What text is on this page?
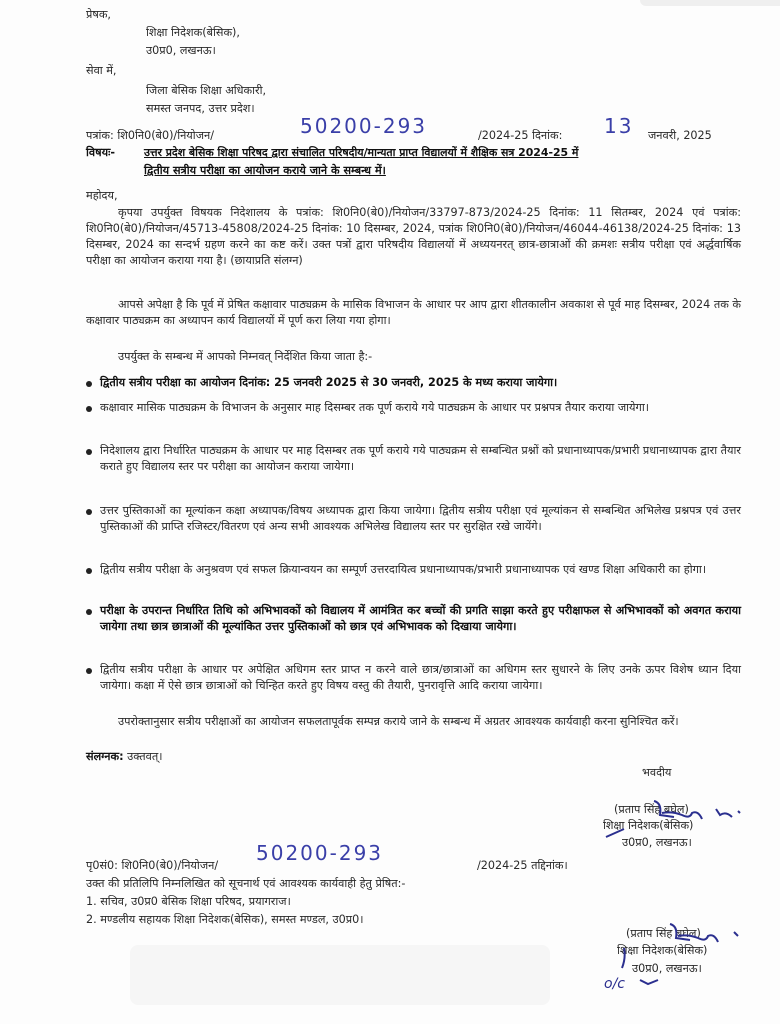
प्रेषक,
शिक्षा निदेशक(बेसिक),
उ0प्र0, लखनऊ।
सेवा में,
जिला बेसिक शिक्षा अधिकारी,
समस्त जनपद, उत्तर प्रदेश।
पत्रांक: शि0नि0(बे0)/नियोजन/	50200-293	/2024-25 दिनांक: 13 जनवरी, 2025
विषयः-	उत्तर प्रदेश बेसिक शिक्षा परिषद द्वारा संचालित परिषदीय/मान्यता प्राप्त विद्यालयों में शैक्षिक सत्र 2024-25 में
द्वितीय सत्रीय परीक्षा का आयोजन कराये जाने के सम्बन्ध में।
महोदय,
कृपया उपर्युक्त विषयक निदेशालय के पत्रांक: शि0नि0(बे0)/नियोजन/33797-873/2024-25 दिनांक: 11 सितम्बर, 2024 एवं पत्रांक: शि0नि0(बे0)/नियोजन/45713-45808/2024-25 दिनांक: 10 दिसम्बर, 2024, पत्रांक शि0नि0(बे0)/नियोजन/46044-46138/2024-25 दिनांक: 13 दिसम्बर, 2024 का सन्दर्भ ग्रहण करने का कष्ट करें। उक्त पत्रों द्वारा परिषदीय विद्यालयों में अध्ययनरत् छात्र-छात्राओं की क्रमशः सत्रीय परीक्षा एवं अर्द्धवार्षिक परीक्षा का आयोजन कराया गया है। (छायाप्रति संलग्न)
आपसे अपेक्षा है कि पूर्व में प्रेषित कक्षावार पाठ्यक्रम के मासिक विभाजन के आधार पर आप द्वारा शीतकालीन अवकाश से पूर्व माह दिसम्बर, 2024 तक के कक्षावार पाठ्यक्रम का अध्यापन कार्य विद्यालयों में पूर्ण करा लिया गया होगा।
उपर्युक्त के सम्बन्ध में आपको निम्नवत् निर्देशित किया जाता है:-
द्वितीय सत्रीय परीक्षा का आयोजन दिनांक: 25 जनवरी 2025 से 30 जनवरी, 2025 के मध्य कराया जायेगा।
कक्षावार मासिक पाठ्यक्रम के विभाजन के अनुसार माह दिसम्बर तक पूर्ण कराये गये पाठ्यक्रम के आधार पर प्रश्नपत्र तैयार कराया जायेगा।
निदेशालय द्वारा निर्धारित पाठ्यक्रम के आधार पर माह दिसम्बर तक पूर्ण कराये गये पाठ्यक्रम से सम्बन्धित प्रश्नों को प्रधानाध्यापक/प्रभारी प्रधानाध्यापक द्वारा तैयार कराते हुए विद्यालय स्तर पर परीक्षा का आयोजन कराया जायेगा।
उत्तर पुस्तिकाओं का मूल्यांकन कक्षा अध्यापक/विषय अध्यापक द्वारा किया जायेगा। द्वितीय सत्रीय परीक्षा एवं मूल्यांकन से सम्बन्धित अभिलेख प्रश्नपत्र एवं उत्तर पुस्तिकाओं की प्राप्ति रजिस्टर/वितरण एवं अन्य सभी आवश्यक अभिलेख विद्यालय स्तर पर सुरक्षित रखे जायेंगे।
द्वितीय सत्रीय परीक्षा के अनुश्रवण एवं सफल क्रियान्वयन का सम्पूर्ण उत्तरदायित्व प्रधानाध्यापक/प्रभारी प्रधानाध्यापक एवं खण्ड शिक्षा अधिकारी का होगा।
परीक्षा के उपरान्त निर्धारित तिथि को अभिभावकों को विद्यालय में आमंत्रित कर बच्चों की प्रगति साझा करते हुए परीक्षाफल से अभिभावकों को अवगत कराया जायेगा तथा छात्र छात्राओं की मूल्यांकित उत्तर पुस्तिकाओं को छात्र एवं अभिभावक को दिखाया जायेगा।
द्वितीय सत्रीय परीक्षा के आधार पर अपेक्षित अधिगम स्तर प्राप्त न करने वाले छात्र/छात्राओं का अधिगम स्तर सुधारने के लिए उनके ऊपर विशेष ध्यान दिया जायेगा। कक्षा में ऐसे छात्र छात्राओं को चिन्हित करते हुए विषय वस्तु की तैयारी, पुनरावृत्ति आदि कराया जायेगा।
उपरोक्तानुसार सत्रीय परीक्षाओं का आयोजन सफलतापूर्वक सम्पन्न कराये जाने के सम्बन्ध में अग्रतर आवश्यक कार्यवाही करना सुनिश्चित करें।
संलग्नक: उक्तवत्।
भवदीय
(प्रताप सिंह बघेल)
शिक्षा निदेशक(बेसिक)
उ0प्र0, लखनऊ।
पृ0सं0: शि0नि0(बे0)/नियोजन/
50200-293
/2024-25 तद्दिनांक।
उक्त की प्रतिलिपि निम्नलिखित को सूचनार्थ एवं आवश्यक कार्यवाही हेतु प्रेषित:-
1. सचिव, उ0प्र0 बेसिक शिक्षा परिषद, प्रयागराज।
2. मण्डलीय सहायक शिक्षा निदेशक(बेसिक), समस्त मण्डल, उ0प्र0।
(प्रताप सिंह बघेल)
शिक्षा निदेशक(बेसिक)
उ0प्र0, लखनऊ।
o/c
